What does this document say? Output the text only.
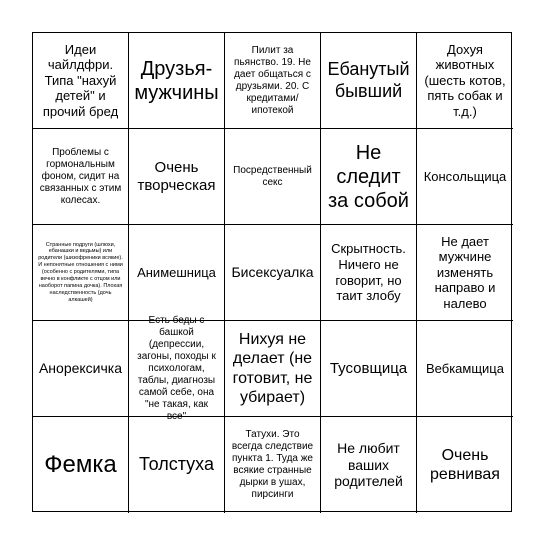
Идеи чайлдфри. Типа "нахуй детей" и прочий бред
Друзья-мужчины
Пилит за пьянство. 19. Не дает общаться с друзьями. 20. С кредитами/ ипотекой
Ебанутый бывший
Дохуя животных (шесть котов, пять собак и т.д.)
Проблемы с гормональным фоном, сидит на связанных с этим колесах.
Очень творческая
Посредственный секс
Не следит за собой
Консольщица
Странные подруги (шлюхи, ебанашки и ведьмы) или родители (шизофреники всякие). И непонятные отношения с ними (особенно с родителями, типа вечно в конфликте с отцом или наоборот папина дочка). Плохая наследственность (дочь алкашей)
Анимешница Бисексуалка
Скрытность. Ничего не говорит, но таит злобу
Не дает мужчине изменять направо и налево
Анорексичка
Есть беды с башкой (депрессии, загоны, походы к психологам, таблы, диагнозы самой себе, она "не такая, как все"
Нихуя не делает (не готовит, не убирает)
Тусовщица Вебкамщица
Фемка Толстуха
Татухи. Это всегда следствие пункта 1. Туда же всякие странные дырки в ушах, пирсинги
Не любит ваших родителей
Очень ревнивая
